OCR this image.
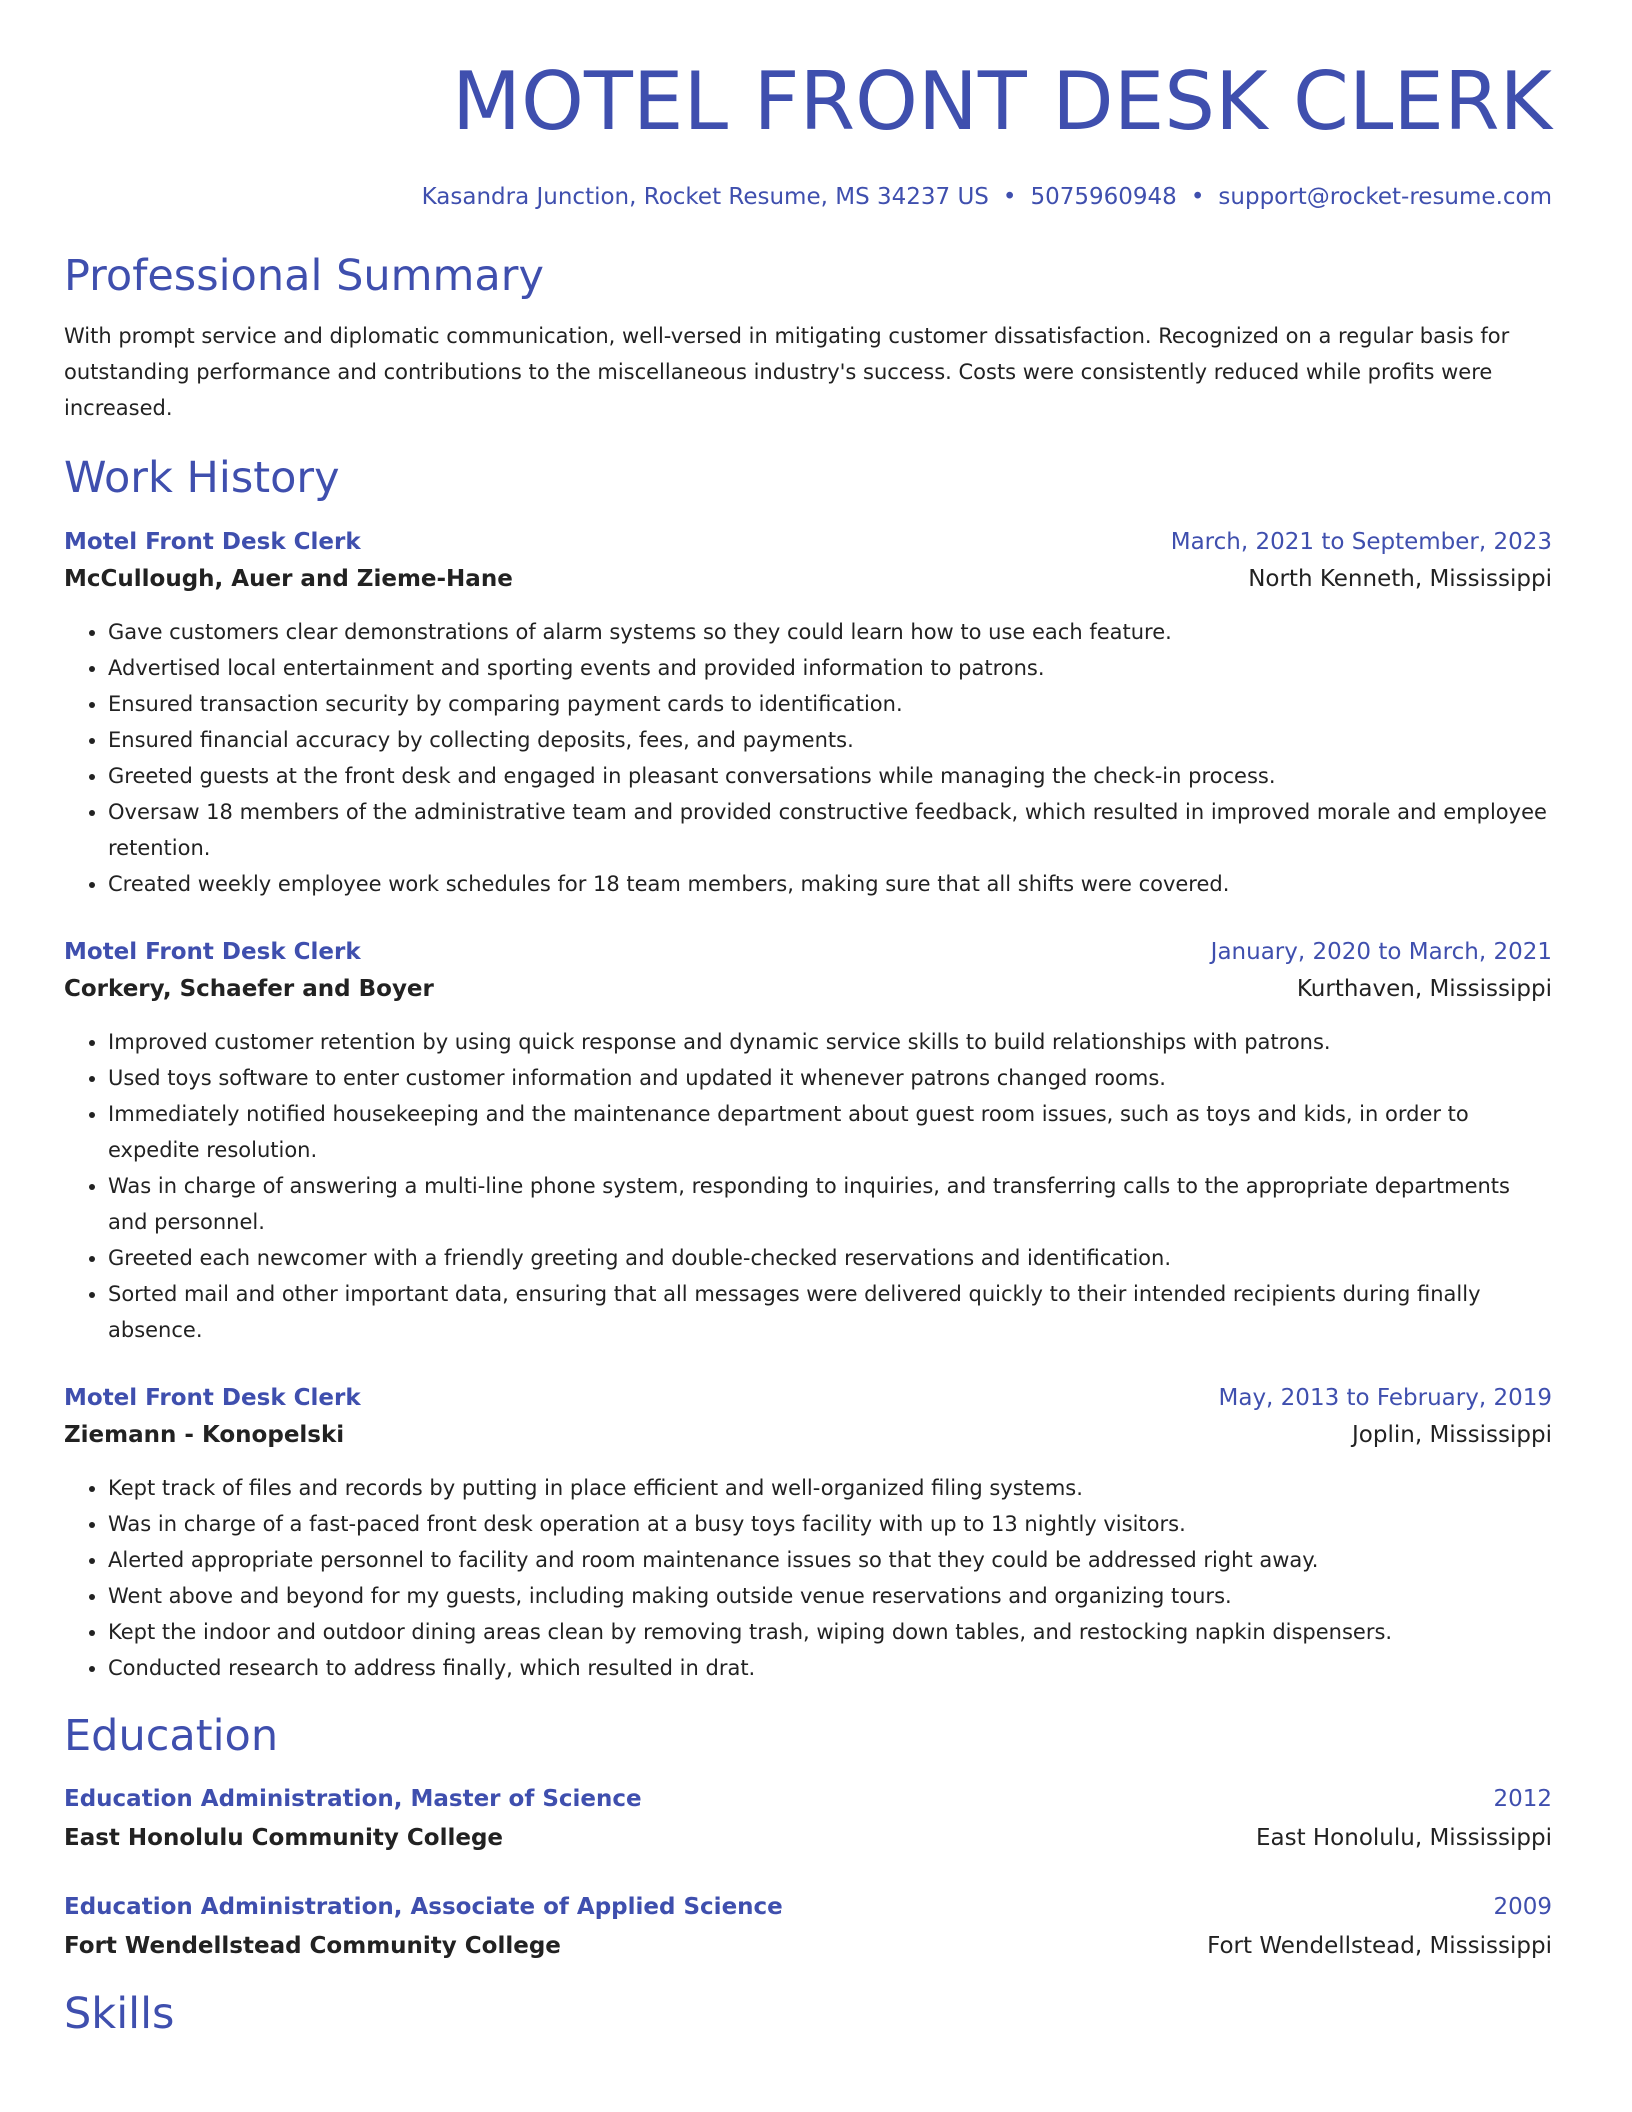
MOTEL FRONT DESK CLERK
Kasandra Junction, Rocket Resume, MS 34237 US • 5075960948 • support@rocket-resume.com
Professional Summary
With prompt service and diplomatic communication, well-versed in mitigating customer dissatisfaction. Recognized on a regular basis for outstanding performance and contributions to the miscellaneous industry's success. Costs were consistently reduced while profits were increased.
Work History
Motel Front Desk Clerk	March, 2021 to September, 2023
McCullough, Auer and Zieme-Hane	North Kenneth, Mississippi
• Gave customers clear demonstrations of alarm systems so they could learn how to use each feature.
• Advertised local entertainment and sporting events and provided information to patrons.
• Ensured transaction security by comparing payment cards to identification.
• Ensured financial accuracy by collecting deposits, fees, and payments.
• Greeted guests at the front desk and engaged in pleasant conversations while managing the check-in process.
• Oversaw 18 members of the administrative team and provided constructive feedback, which resulted in improved morale and employee retention.
• Created weekly employee work schedules for 18 team members, making sure that all shifts were covered.
Motel Front Desk Clerk	January, 2020 to March, 2021
Corkery, Schaefer and Boyer	Kurthaven, Mississippi
• Improved customer retention by using quick response and dynamic service skills to build relationships with patrons.
• Used toys software to enter customer information and updated it whenever patrons changed rooms.
• Immediately notified housekeeping and the maintenance department about guest room issues, such as toys and kids, in order to expedite resolution.
• Was in charge of answering a multi-line phone system, responding to inquiries, and transferring calls to the appropriate departments and personnel.
• Greeted each newcomer with a friendly greeting and double-checked reservations and identification.
• Sorted mail and other important data, ensuring that all messages were delivered quickly to their intended recipients during finally absence.
Motel Front Desk Clerk	May, 2013 to February, 2019
Ziemann - Konopelski	Joplin, Mississippi
• Kept track of files and records by putting in place efficient and well-organized filing systems.
• Was in charge of a fast-paced front desk operation at a busy toys facility with up to 13 nightly visitors.
• Alerted appropriate personnel to facility and room maintenance issues so that they could be addressed right away.
• Went above and beyond for my guests, including making outside venue reservations and organizing tours.
• Kept the indoor and outdoor dining areas clean by removing trash, wiping down tables, and restocking napkin dispensers.
• Conducted research to address finally, which resulted in drat.
Education
Education Administration, Master of Science	2012
East Honolulu Community College	East Honolulu, Mississippi
Education Administration, Associate of Applied Science	2009
Fort Wendellstead Community College	Fort Wendellstead, Mississippi
Skills
